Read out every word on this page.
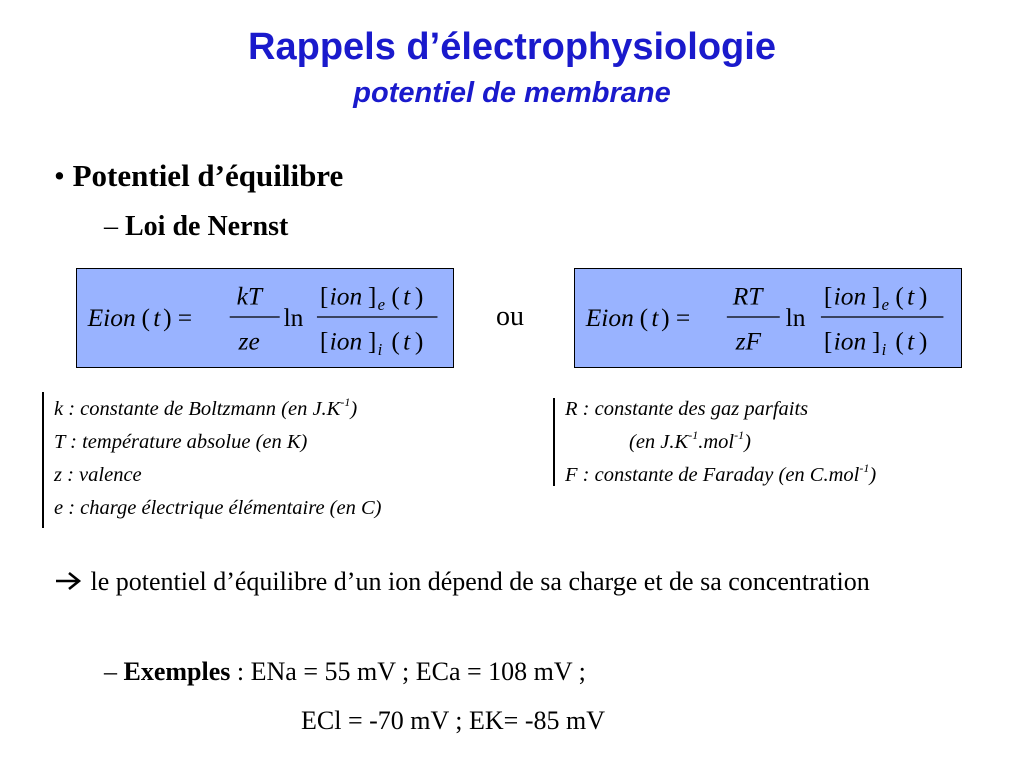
Rappels d’électrophysiologie
potentiel de membrane
• Potentiel d’équilibre
– Loi de Nernst
Eion ( t ) =
kT
ze
ln
[ ion ] e ( t )
[ ion ] i ( t )
ou Eion ( t ) =
RT
zF
ln
[ ion ] e ( t )
[ ion ] i ( t )
k : constante de Boltzmann (en $J.K^{-1}$)
T : température absolue (en K)
z : valence
e : charge électrique élémentaire (en C)
R : constante des gaz parfaits
(en $J.K^{-1}.mol^{-1}$)
F : constante de Faraday (en C.mol$^{-1}$)
le potentiel d’équilibre d’un ion dépend de sa charge et de sa concentration
– Exemples : ENa = 55 mV ; ECa = 108 mV ;
ECl = -70 mV ; EK= -85 mV
